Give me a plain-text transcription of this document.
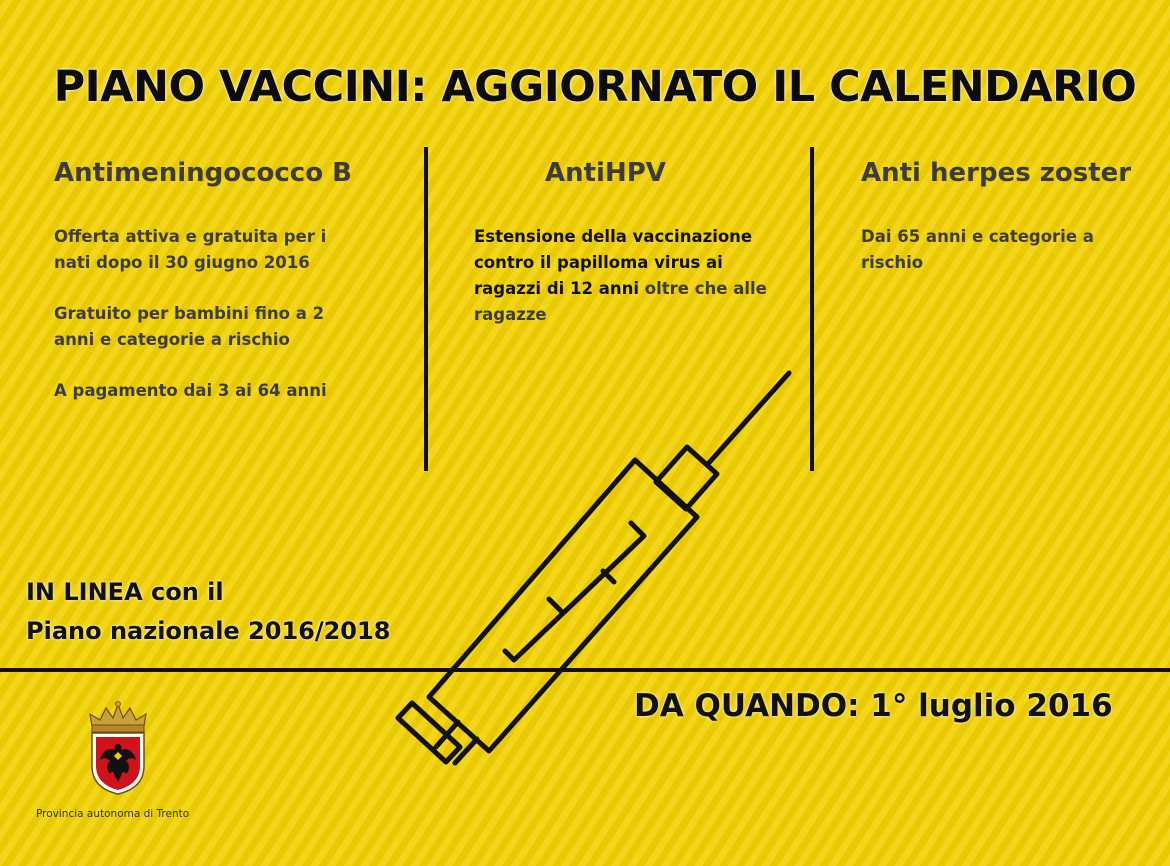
PIANO VACCINI: AGGIORNATO IL CALENDARIO
Antimeningococco B

Offerta attiva e gratuita per i
nati dopo il 30 giugno 2016

Gratuito per bambini fino a 2
anni e categorie a rischio

A pagamento dai 3 ai 64 anni

AntiHPV

Estensione della vaccinazione
contro il papilloma virus ai
ragazzi di 12 anni oltre che alle
ragazze

Anti herpes zoster

Dai 65 anni e categorie a
rischio

IN LINEA con il
Piano nazionale 2016/2018
DA QUANDO: 1° luglio 2016
Provincia autonoma di Trento
